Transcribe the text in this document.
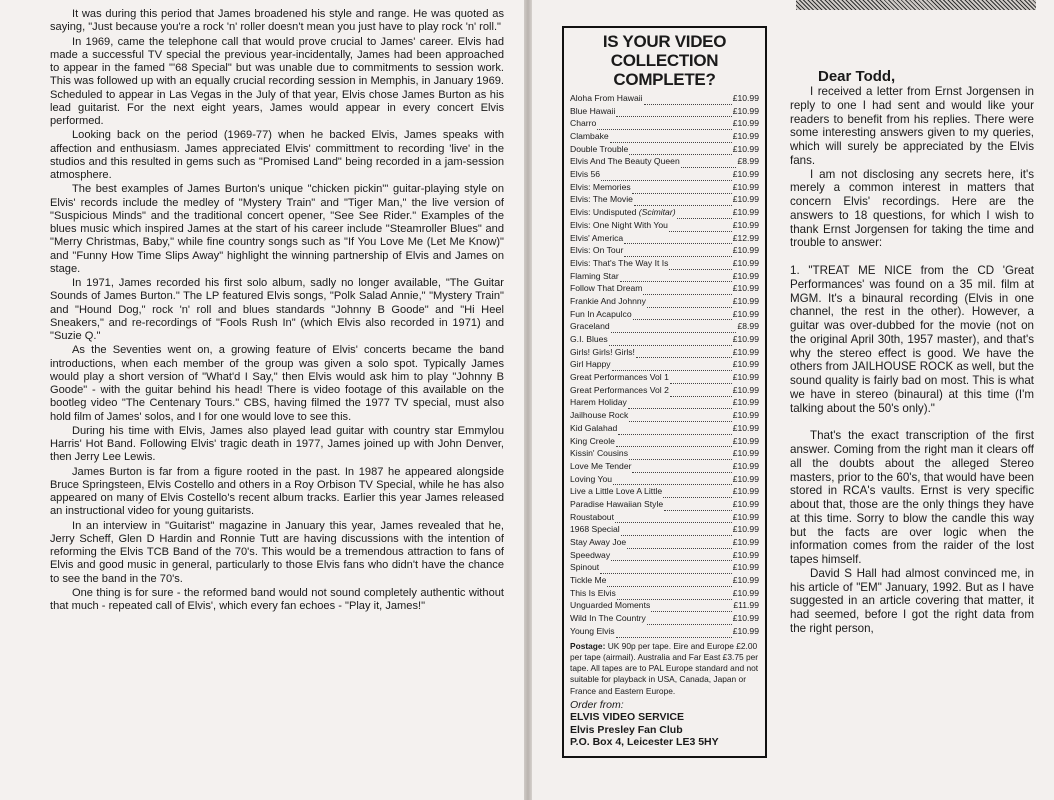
It was during this period that James broadened his style and range. He was quoted as saying, "Just because you're a rock 'n' roller doesn't mean you just have to play rock 'n' roll."

In 1969, came the telephone call that would prove crucial to James' career. Elvis had made a successful TV special the previous year-incidentally, James had been approached to appear in the famed "'68 Special" but was unable due to commitments to session work. This was followed up with an equally crucial recording session in Memphis, in January 1969. Scheduled to appear in Las Vegas in the July of that year, Elvis chose James Burton as his lead guitarist. For the next eight years, James would appear in every concert Elvis performed.

Looking back on the period (1969-77) when he backed Elvis, James speaks with affection and enthusiasm. James appreciated Elvis' committment to recording 'live' in the studios and this resulted in gems such as "Promised Land" being recorded in a jam-session atmosphere.

The best examples of James Burton's unique "chicken pickin'" guitar-playing style on Elvis' records include the medley of "Mystery Train" and "Tiger Man," the live version of "Suspicious Minds" and the traditional concert opener, "See See Rider." Examples of the blues music which inspired James at the start of his career include "Steamroller Blues" and "Merry Christmas, Baby," while fine country songs such as "If You Love Me (Let Me Know)" and "Funny How Time Slips Away" highlight the winning partnership of Elvis and James on stage.

In 1971, James recorded his first solo album, sadly no longer available, "The Guitar Sounds of James Burton." The LP featured Elvis songs, "Polk Salad Annie," "Mystery Train" and "Hound Dog," rock 'n' roll and blues standards "Johnny B Goode" and "Hi Heel Sneakers," and re-recordings of "Fools Rush In" (which Elvis also recorded in 1971) and "Suzie Q."

As the Seventies went on, a growing feature of Elvis' concerts became the band introductions, when each member of the group was given a solo spot. Typically James would play a short version of "What'd I Say," then Elvis would ask him to play "Johnny B Goode" - with the guitar behind his head! There is video footage of this available on the bootleg video "The Centenary Tours." CBS, having filmed the 1977 TV special, must also hold film of James' solos, and I for one would love to see this.

During his time with Elvis, James also played lead guitar with country star Emmylou Harris' Hot Band. Following Elvis' tragic death in 1977, James joined up with John Denver, then Jerry Lee Lewis.

James Burton is far from a figure rooted in the past. In 1987 he appeared alongside Bruce Springsteen, Elvis Costello and others in a Roy Orbison TV Special, while he has also appeared on many of Elvis Costello's recent album tracks. Earlier this year James released an instructional video for young guitarists.

In an interview in "Guitarist" magazine in January this year, James revealed that he, Jerry Scheff, Glen D Hardin and Ronnie Tutt are having discussions with the intention of reforming the Elvis TCB Band of the 70's. This would be a tremendous attraction to fans of Elvis and good music in general, particularly to those Elvis fans who didn't have the chance to see the band in the 70's.

One thing is for sure - the reformed band would not sound completely authentic without that much - repeated call of Elvis', which every fan echoes - "Play it, James!"

IS YOUR VIDEO COLLECTION COMPLETE?
Aloha From Hawaii	£10.99
Blue Hawaii	£10.99
Charro	£10.99
Clambake	£10.99
Double Trouble	£10.99
Elvis And The Beauty Queen	£8.99
Elvis 56	£10.99
Elvis: Memories	£10.99
Elvis: The Movie	£10.99
Elvis: Undisputed (Scimitar)	£10.99
Elvis: One Night With You	£10.99
Elvis' America	£12.99
Elvis: On Tour	£10.99
Elvis: That's The Way It Is	£10.99
Flaming Star	£10.99
Follow That Dream	£10.99
Frankie And Johnny	£10.99
Fun In Acapulco	£10.99
Graceland	£8.99
G.I. Blues	£10.99
Girls! Girls! Girls!	£10.99
Girl Happy	£10.99
Great Performances Vol 1	£10.99
Great Performances Vol 2	£10.99
Harem Holiday	£10.99
Jailhouse Rock	£10.99
Kid Galahad	£10.99
King Creole	£10.99
Kissin' Cousins	£10.99
Love Me Tender	£10.99
Loving You	£10.99
Live a Little Love A Little	£10.99
Paradise Hawaiian Style	£10.99
Roustabout	£10.99
1968 Special	£10.99
Stay Away Joe	£10.99
Speedway	£10.99
Spinout	£10.99
Tickle Me	£10.99
This Is Elvis	£10.99
Unguarded Moments	£11.99
Wild In The Country	£10.99
Young Elvis	£10.99
Postage: UK 90p per tape. Eire and Europe £2.00 per tape (airmail). Australia and Far East £3.75 per tape. All tapes are to PAL Europe standard and not suitable for playback in USA, Canada, Japan or France and Eastern Europe.
Order from:
ELVIS VIDEO SERVICE
Elvis Presley Fan Club
P.O. Box 4, Leicester LE3 5HY
Dear Todd,

I received a letter from Ernst Jorgensen in reply to one I had sent and would like your readers to benefit from his replies. There were some interesting answers given to my queries, which will surely be appreciated by the Elvis fans.

I am not disclosing any secrets here, it's merely a common interest in matters that concern Elvis' recordings. Here are the answers to 18 questions, for which I wish to thank Ernst Jorgensen for taking the time and trouble to answer:

1. "TREAT ME NICE from the CD 'Great Performances' was found on a 35 mil. film at MGM. It's a binaural recording (Elvis in one channel, the rest in the other). However, a guitar was over-dubbed for the movie (not on the original April 30th, 1957 master), and that's why the stereo effect is good. We have the others from JAILHOUSE ROCK as well, but the sound quality is fairly bad on most. This is what we have in stereo (binaural) at this time (I'm talking about the 50's only)."

That's the exact transcription of the first answer. Coming from the right man it clears off all the doubts about the alleged Stereo masters, prior to the 60's, that would have been stored in RCA's vaults. Ernst is very specific about that, those are the only things they have at this time. Sorry to blow the candle this way but the facts are over logic when the information comes from the raider of the lost tapes himself.

David S Hall had almost convinced me, in his article of "EM" January, 1992. But as I have suggested in an article covering that matter, it had seemed, before I got the right data from the right person,
